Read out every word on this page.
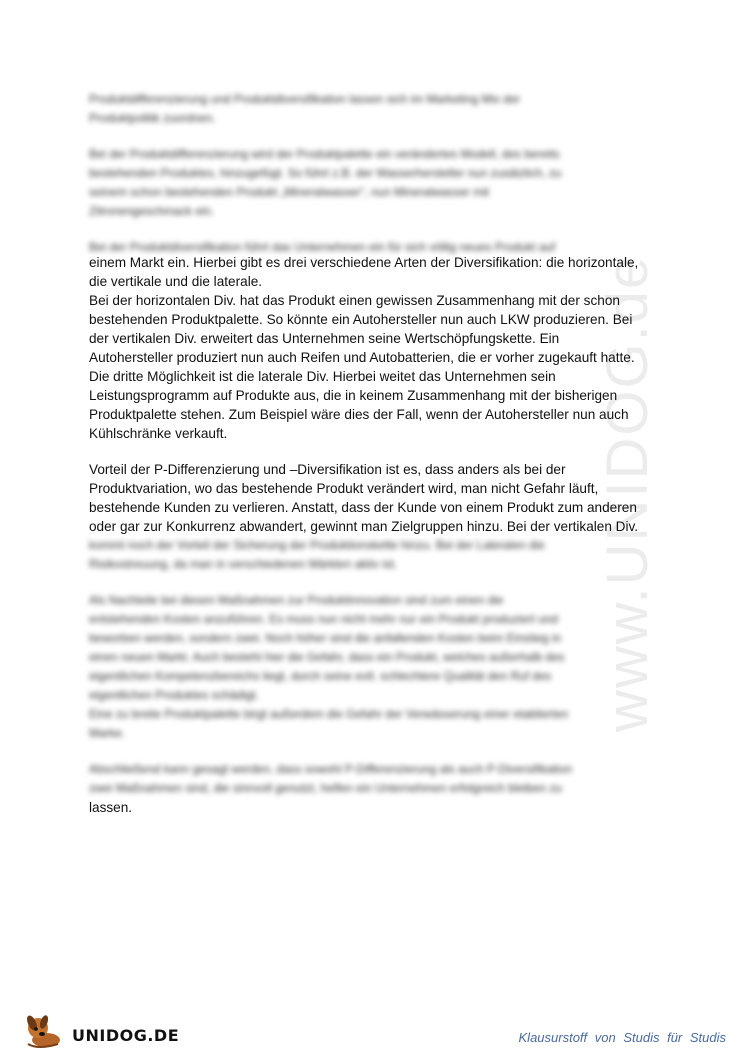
www.UNIDOG.de

Produktdifferenzierung und Produktdiversifikation lassen sich im Marketing Mix der
Produktpolitik zuordnen.

Bei der Produktdifferenzierung wird der Produktpalette ein verändertes Modell, des bereits
bestehenden Produktes, hinzugefügt. So führt z.B. der Wasserhersteller nun zusätzlich, zu
seinem schon bestehenden Produkt „Mineralwasser“, nun Mineralwasser mit
Zitronengeschmack ein.

Bei der Produktdiversifikation führt das Unternehmen ein für sich völlig neues Produkt auf
einem Markt ein. Hierbei gibt es drei verschiedene Arten der Diversifikation: die horizontale,
die vertikale und die laterale.
Bei der horizontalen Div. hat das Produkt einen gewissen Zusammenhang mit der schon
bestehenden Produktpalette. So könnte ein Autohersteller nun auch LKW produzieren. Bei
der vertikalen Div. erweitert das Unternehmen seine Wertschöpfungskette. Ein
Autohersteller produziert nun auch Reifen und Autobatterien, die er vorher zugekauft hatte.
Die dritte Möglichkeit ist die laterale Div. Hierbei weitet das Unternehmen sein
Leistungsprogramm auf Produkte aus, die in keinem Zusammenhang mit der bisherigen
Produktpalette stehen. Zum Beispiel wäre dies der Fall, wenn der Autohersteller nun auch
Kühlschränke verkauft.

Vorteil der P-Differenzierung und –Diversifikation ist es, dass anders als bei der
Produktvariation, wo das bestehende Produkt verändert wird, man nicht Gefahr läuft,
bestehende Kunden zu verlieren. Anstatt, dass der Kunde von einem Produkt zum anderen
oder gar zur Konkurrenz abwandert, gewinnt man Zielgruppen hinzu. Bei der vertikalen Div.
kommt noch der Vorteil der Sicherung der Produktionskette hinzu. Bei der Lateralen die
Risikostreuung, da man in verschiedenen Märkten aktiv ist.

Als Nachteile bei diesen Maßnahmen zur Produktinnovation sind zum einen die
entstehenden Kosten anzuführen. Es muss nun nicht mehr nur ein Produkt produziert und
beworben werden, sondern zwei. Noch höher sind die anfallenden Kosten beim Einstieg in
einen neuen Markt. Auch besteht hier die Gefahr, dass ein Produkt, welches außerhalb des
eigentlichen Kompetenzbereichs liegt, durch seine evtl. schlechtere Qualität den Ruf des
eigentlichen Produktes schädigt.
Eine zu breite Produktpalette birgt außerdem die Gefahr der Verwässerung einer etablierten
Marke.

Abschließend kann gesagt werden, dass sowohl P-Differenzierung als auch P-Diversifikation
zwei Maßnahmen sind, die sinnvoll genutzt, helfen ein Unternehmen erfolgreich bleiben zu
lassen.

UNIDOG.DE	Klausurstoff von Studis für Studis
